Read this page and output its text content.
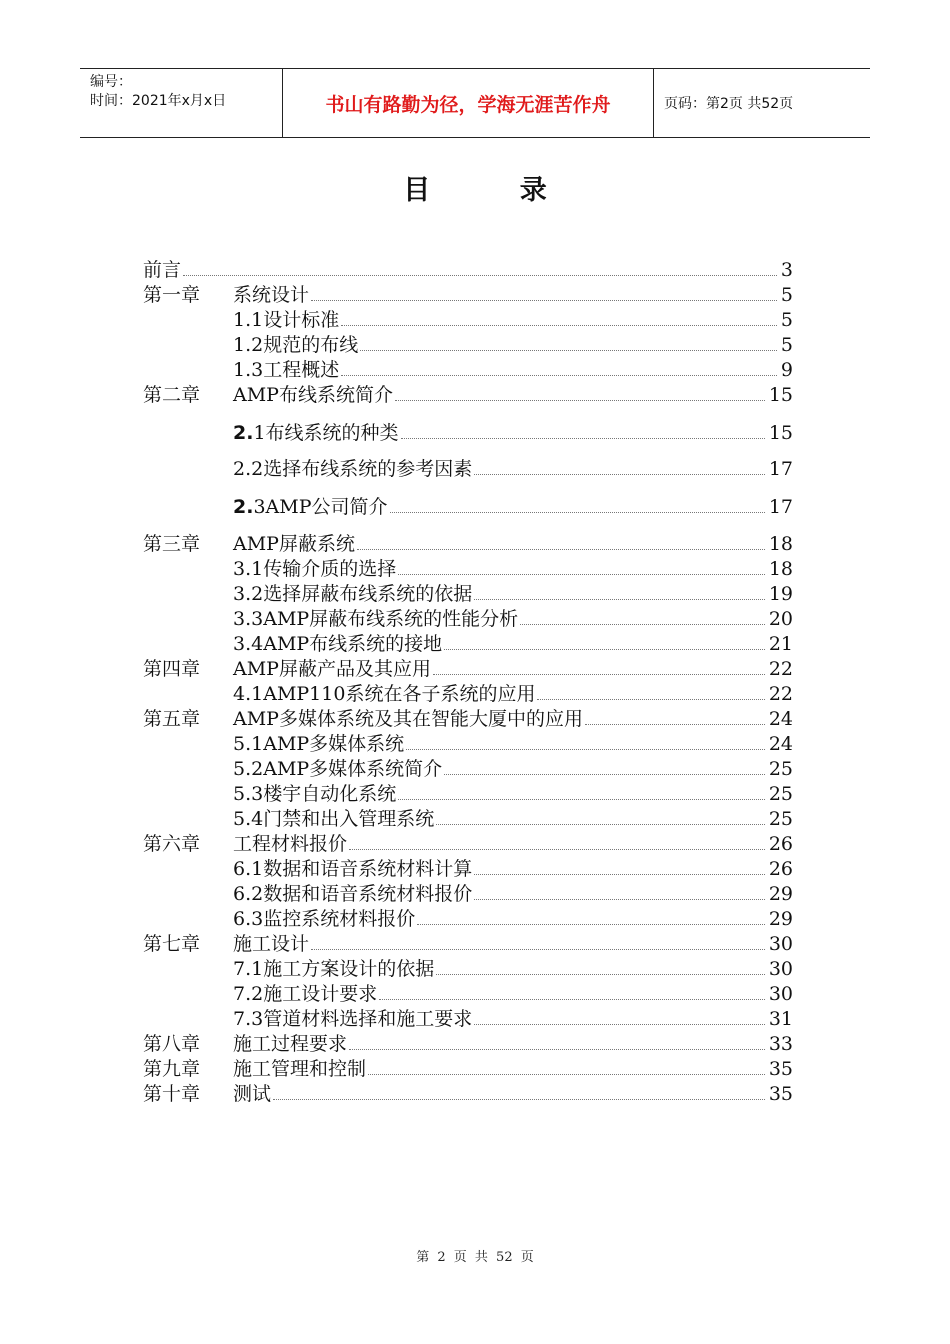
编号：
时间：2021年x月x日	书山有路勤为径，学海无涯苦作舟	页码：第2页 共52页
目 录
前言	3
第一章 系统设计	5
1.1设计标准	5
1.2规范的布线	5
1.3工程概述	9
第二章 AMP布线系统简介	15
2.1布线系统的种类	15
2.2选择布线系统的参考因素	17
2.3AMP公司简介	17
第三章 AMP屏蔽系统	18
3.1传输介质的选择	18
3.2选择屏蔽布线系统的依据	19
3.3AMP屏蔽布线系统的性能分析	20
3.4AMP布线系统的接地	21
第四章 AMP屏蔽产品及其应用	22
4.1AMP110系统在各子系统的应用	22
第五章 AMP多媒体系统及其在智能大厦中的应用	24
5.1AMP多媒体系统	24
5.2AMP多媒体系统简介	25
5.3楼宇自动化系统	25
5.4门禁和出入管理系统	25
第六章 工程材料报价	26
6.1数据和语音系统材料计算	26
6.2数据和语音系统材料报价	29
6.3监控系统材料报价	29
第七章 施工设计	30
7.1施工方案设计的依据	30
7.2施工设计要求	30
7.3管道材料选择和施工要求	31
第八章 施工过程要求	33
第九章 施工管理和控制	35
第十章 测试	35
第 2 页 共 52 页
